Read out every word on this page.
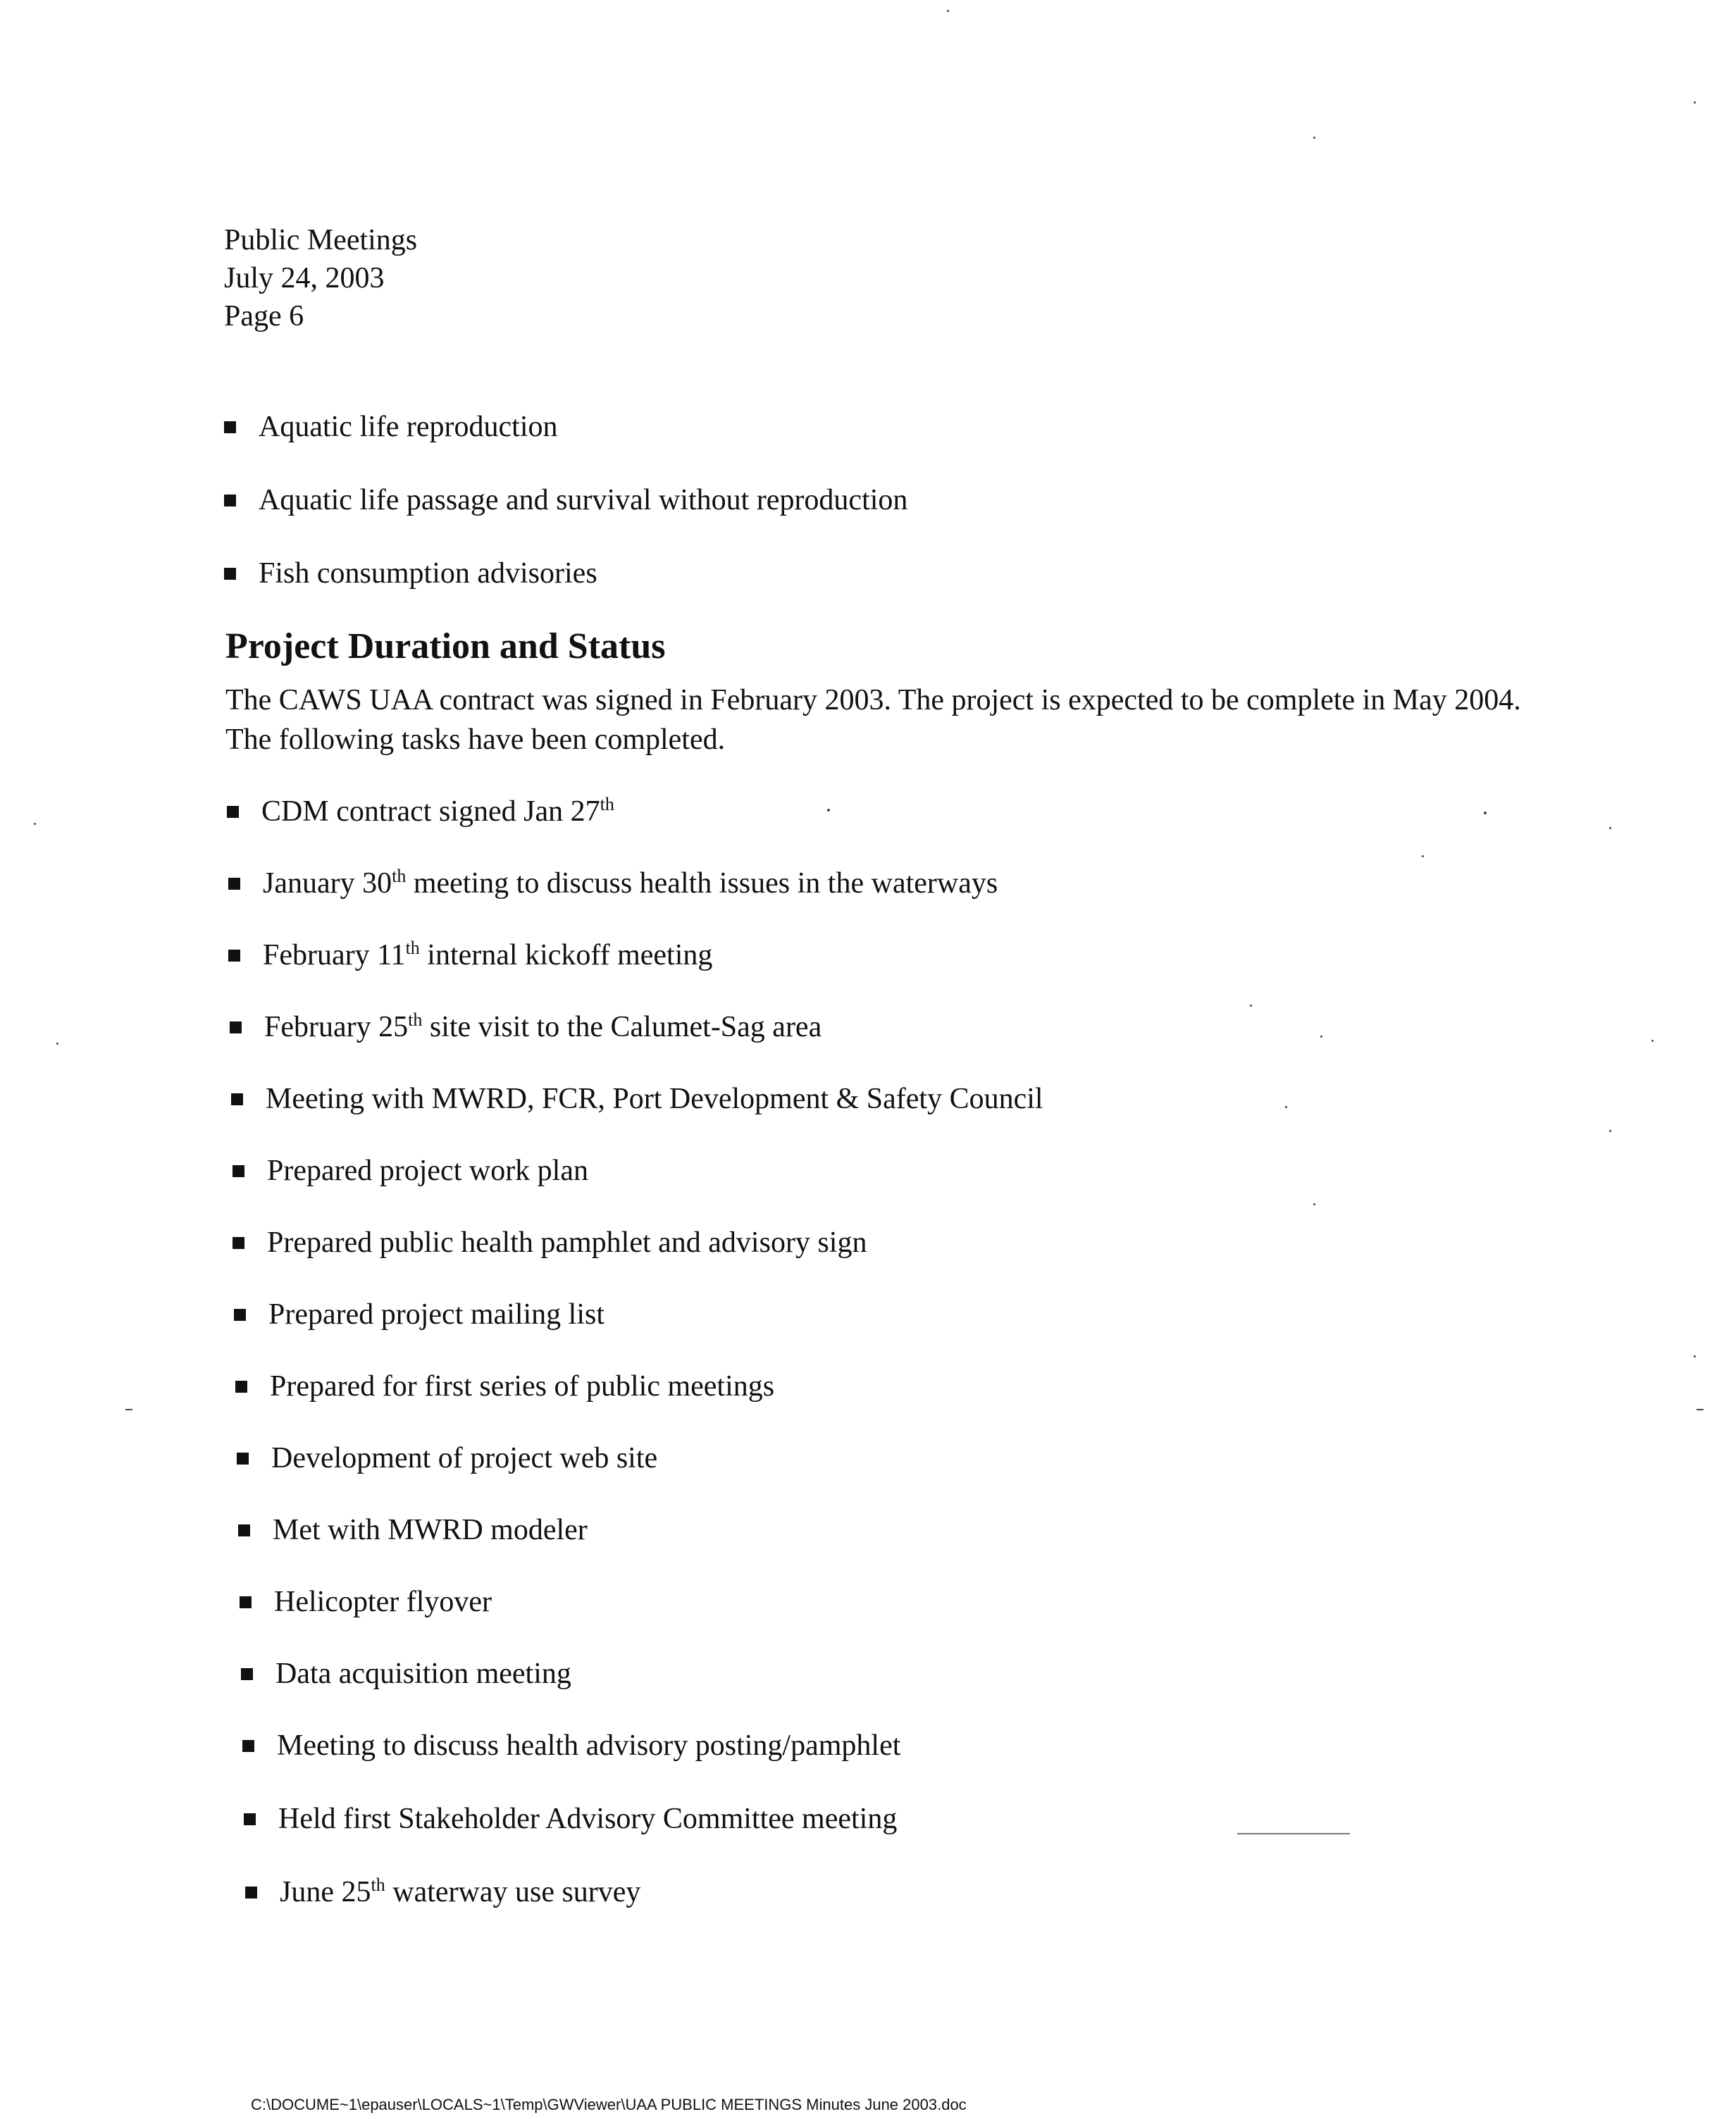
Public Meetings
July 24, 2003
Page 6
Aquatic life reproduction
Aquatic life passage and survival without reproduction
Fish consumption advisories
Project Duration and Status
The CAWS UAA contract was signed in February 2003. The project is expected to be complete in May 2004. The following tasks have been completed.
CDM contract signed Jan 27th
January 30th meeting to discuss health issues in the waterways
February 11th internal kickoff meeting
February 25th site visit to the Calumet-Sag area
Meeting with MWRD, FCR, Port Development & Safety Council
Prepared project work plan
Prepared public health pamphlet and advisory sign
Prepared project mailing list
Prepared for first series of public meetings
Development of project web site
Met with MWRD modeler
Helicopter flyover
Data acquisition meeting
Meeting to discuss health advisory posting/pamphlet
Held first Stakeholder Advisory Committee meeting
June 25th waterway use survey
C:\DOCUME~1\epauser\LOCALS~1\Temp\GWViewer\UAA PUBLIC MEETINGS Minutes June 2003.doc
